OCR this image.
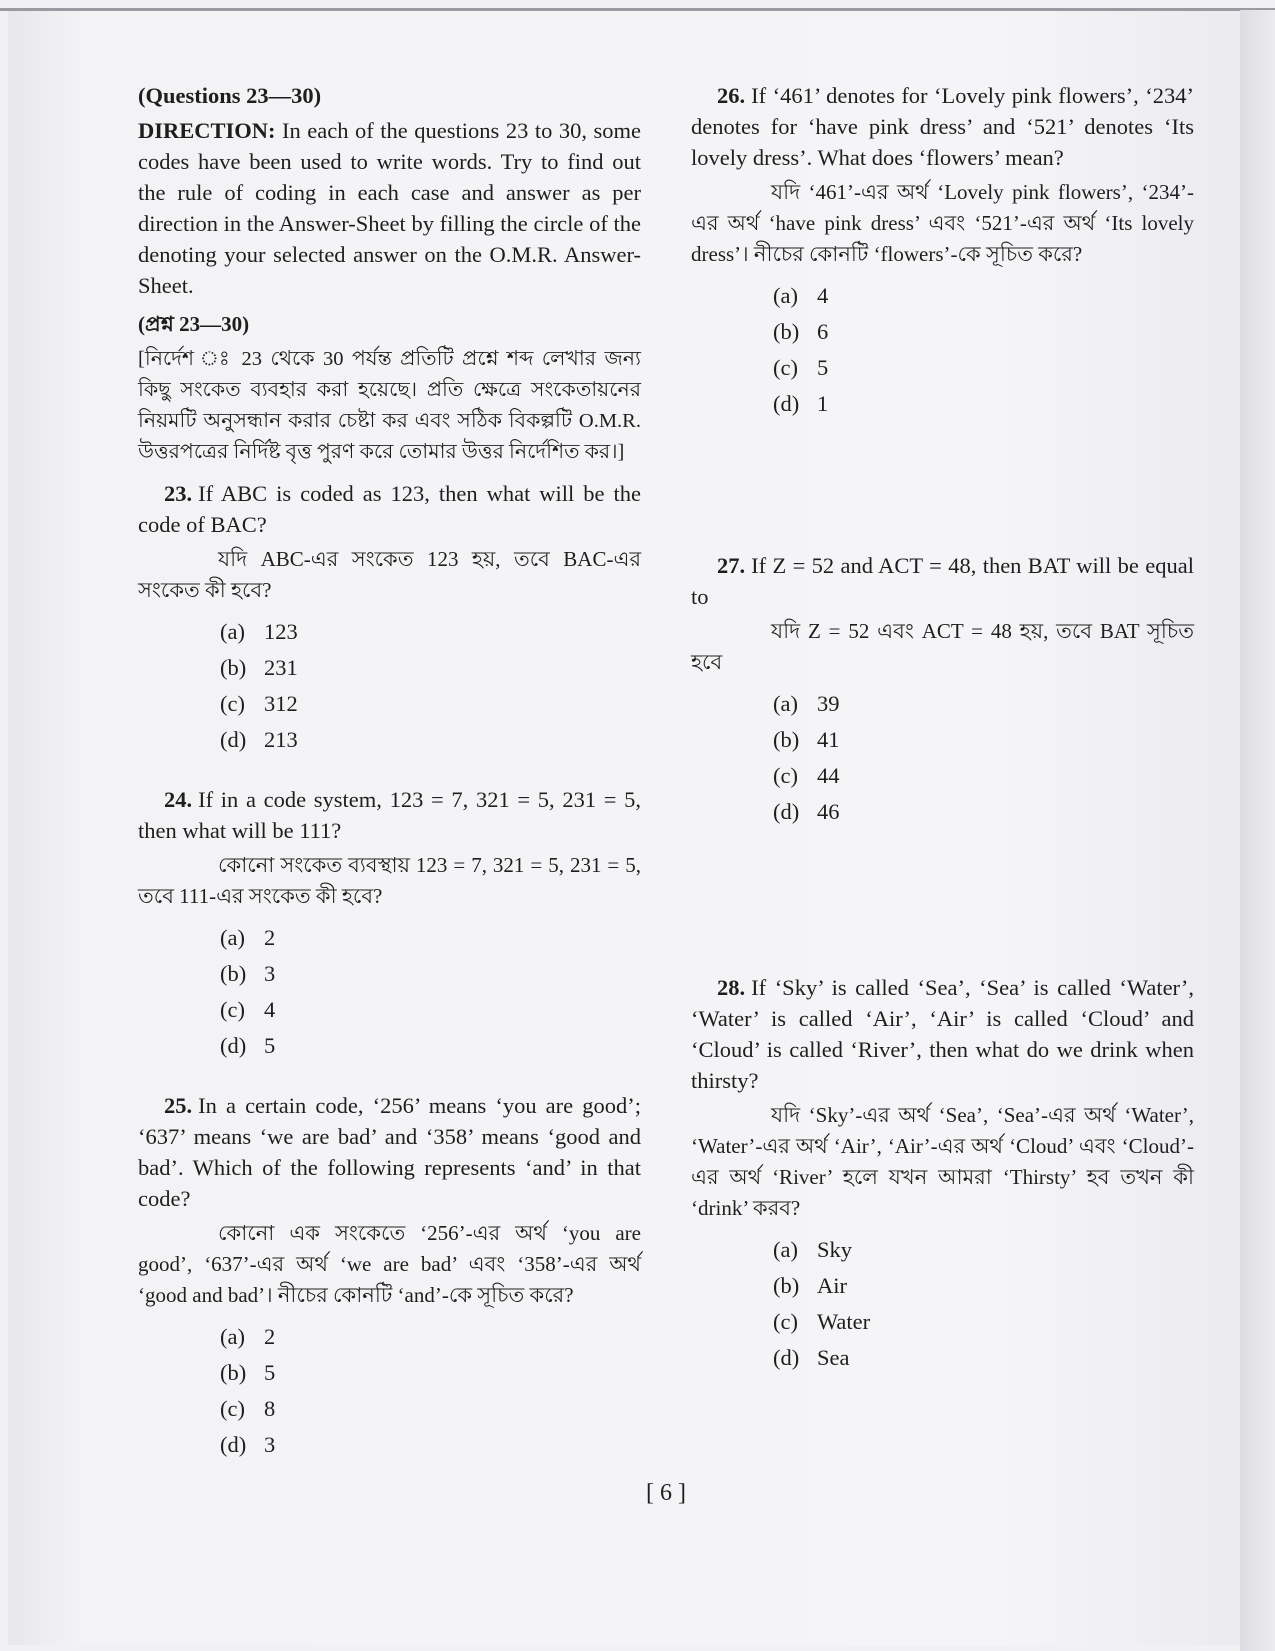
(Questions 23—30)

DIRECTION: In each of the questions 23 to 30, some codes have been used to write words. Try to find out the rule of coding in each case and answer as per direction in the Answer-Sheet by filling the circle of the denoting your selected answer on the O.M.R. Answer-Sheet.

(প্রশ্ন 23—30)

[নির্দেশ ঃ 23 থেকে 30 পর্যন্ত প্রতিটি প্রশ্নে শব্দ লেখার জন্য কিছু সংকেত ব্যবহার করা হয়েছে। প্রতি ক্ষেত্রে সংকেতায়নের নিয়মটি অনুসন্ধান করার চেষ্টা কর এবং সঠিক বিকল্পটি O.M.R. উত্তরপত্রের নির্দিষ্ট বৃত্ত পুরণ করে তোমার উত্তর নির্দেশিত কর।]

23. If ABC is coded as 123, then what will be the code of BAC?

যদি ABC-এর সংকেত 123 হয়, তবে BAC-এর সংকেত কী হবে?

(a) 123
(b) 231
(c) 312
(d) 213

24. If in a code system, 123 = 7, 321 = 5, 231 = 5, then what will be 111?

কোনো সংকেত ব্যবস্থায় 123 = 7, 321 = 5, 231 = 5, তবে 111-এর সংকেত কী হবে?

(a) 2
(b) 3
(c) 4
(d) 5

25. In a certain code, ‘256’ means ‘you are good’; ‘637’ means ‘we are bad’ and ‘358’ means ‘good and bad’. Which of the following represents ‘and’ in that code?

কোনো এক সংকেতে ‘256’-এর অর্থ ‘you are good’, ‘637’-এর অর্থ ‘we are bad’ এবং ‘358’-এর অর্থ ‘good and bad’। নীচের কোনটি ‘and’-কে সূচিত করে?

(a) 2
(b) 5
(c) 8
(d) 3

26. If ‘461’ denotes for ‘Lovely pink flowers’, ‘234’ denotes for ‘have pink dress’ and ‘521’ denotes ‘Its lovely dress’. What does ‘flowers’ mean?

যদি ‘461’-এর অর্থ ‘Lovely pink flowers’, ‘234’-এর অর্থ ‘have pink dress’ এবং ‘521’-এর অর্থ ‘Its lovely dress’। নীচের কোনটি ‘flowers’-কে সূচিত করে?

(a) 4
(b) 6
(c) 5
(d) 1

27. If Z = 52 and ACT = 48, then BAT will be equal to

যদি Z = 52 এবং ACT = 48 হয়, তবে BAT সূচিত হবে

(a) 39
(b) 41
(c) 44
(d) 46

28. If ‘Sky’ is called ‘Sea’, ‘Sea’ is called ‘Water’, ‘Water’ is called ‘Air’, ‘Air’ is called ‘Cloud’ and ‘Cloud’ is called ‘River’, then what do we drink when thirsty?

যদি ‘Sky’-এর অর্থ ‘Sea’, ‘Sea’-এর অর্থ ‘Water’, ‘Water’-এর অর্থ ‘Air’, ‘Air’-এর অর্থ ‘Cloud’ এবং ‘Cloud’-এর অর্থ ‘River’ হলে যখন আমরা ‘Thirsty’ হব তখন কী ‘drink’ করব?

(a) Sky
(b) Air
(c) Water
(d) Sea
[ 6 ]
